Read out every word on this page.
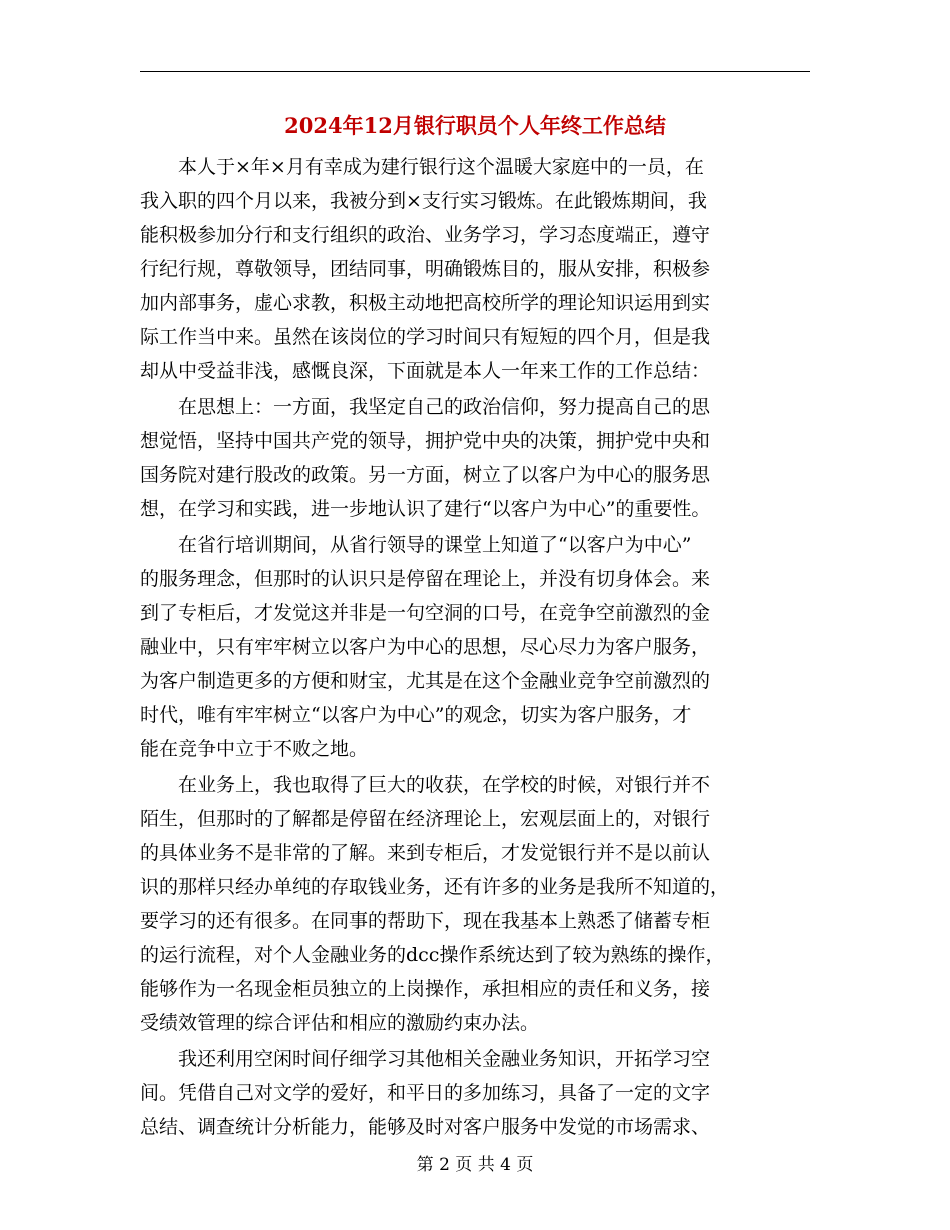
2024年12月银行职员个人年终工作总结

本人于×年×月有幸成为建行银行这个温暖大家庭中的一员，在

我入职的四个月以来，我被分到×支行实习锻炼。在此锻炼期间，我

能积极参加分行和支行组织的政治、业务学习，学习态度端正，遵守

行纪行规，尊敬领导，团结同事，明确锻炼目的，服从安排，积极参

加内部事务，虚心求教，积极主动地把高校所学的理论知识运用到实

际工作当中来。虽然在该岗位的学习时间只有短短的四个月，但是我

却从中受益非浅，感慨良深，下面就是本人一年来工作的工作总结：

在思想上：一方面，我坚定自己的政治信仰，努力提高自己的思

想觉悟，坚持中国共产党的领导，拥护党中央的决策，拥护党中央和

国务院对建行股改的政策。另一方面，树立了以客户为中心的服务思

想，在学习和实践，进一步地认识了建行“以客户为中心”的重要性。

在省行培训期间，从省行领导的课堂上知道了“以客户为中心”

的服务理念，但那时的认识只是停留在理论上，并没有切身体会。来

到了专柜后，才发觉这并非是一句空洞的口号，在竞争空前激烈的金

融业中，只有牢牢树立以客户为中心的思想，尽心尽力为客户服务，

为客户制造更多的方便和财宝，尤其是在这个金融业竞争空前激烈的

时代，唯有牢牢树立“以客户为中心”的观念，切实为客户服务，才

能在竞争中立于不败之地。

在业务上，我也取得了巨大的收获，在学校的时候，对银行并不

陌生，但那时的了解都是停留在经济理论上，宏观层面上的，对银行

的具体业务不是非常的了解。来到专柜后，才发觉银行并不是以前认

识的那样只经办单纯的存取钱业务，还有许多的业务是我所不知道的，

要学习的还有很多。在同事的帮助下，现在我基本上熟悉了储蓄专柜

的运行流程，对个人金融业务的dcc操作系统达到了较为熟练的操作，

能够作为一名现金柜员独立的上岗操作，承担相应的责任和义务，接

受绩效管理的综合评估和相应的激励约束办法。

我还利用空闲时间仔细学习其他相关金融业务知识，开拓学习空

间。凭借自己对文学的爱好，和平日的多加练习，具备了一定的文字

总结、调查统计分析能力，能够及时对客户服务中发觉的市场需求、

第 2 页 共 4 页
